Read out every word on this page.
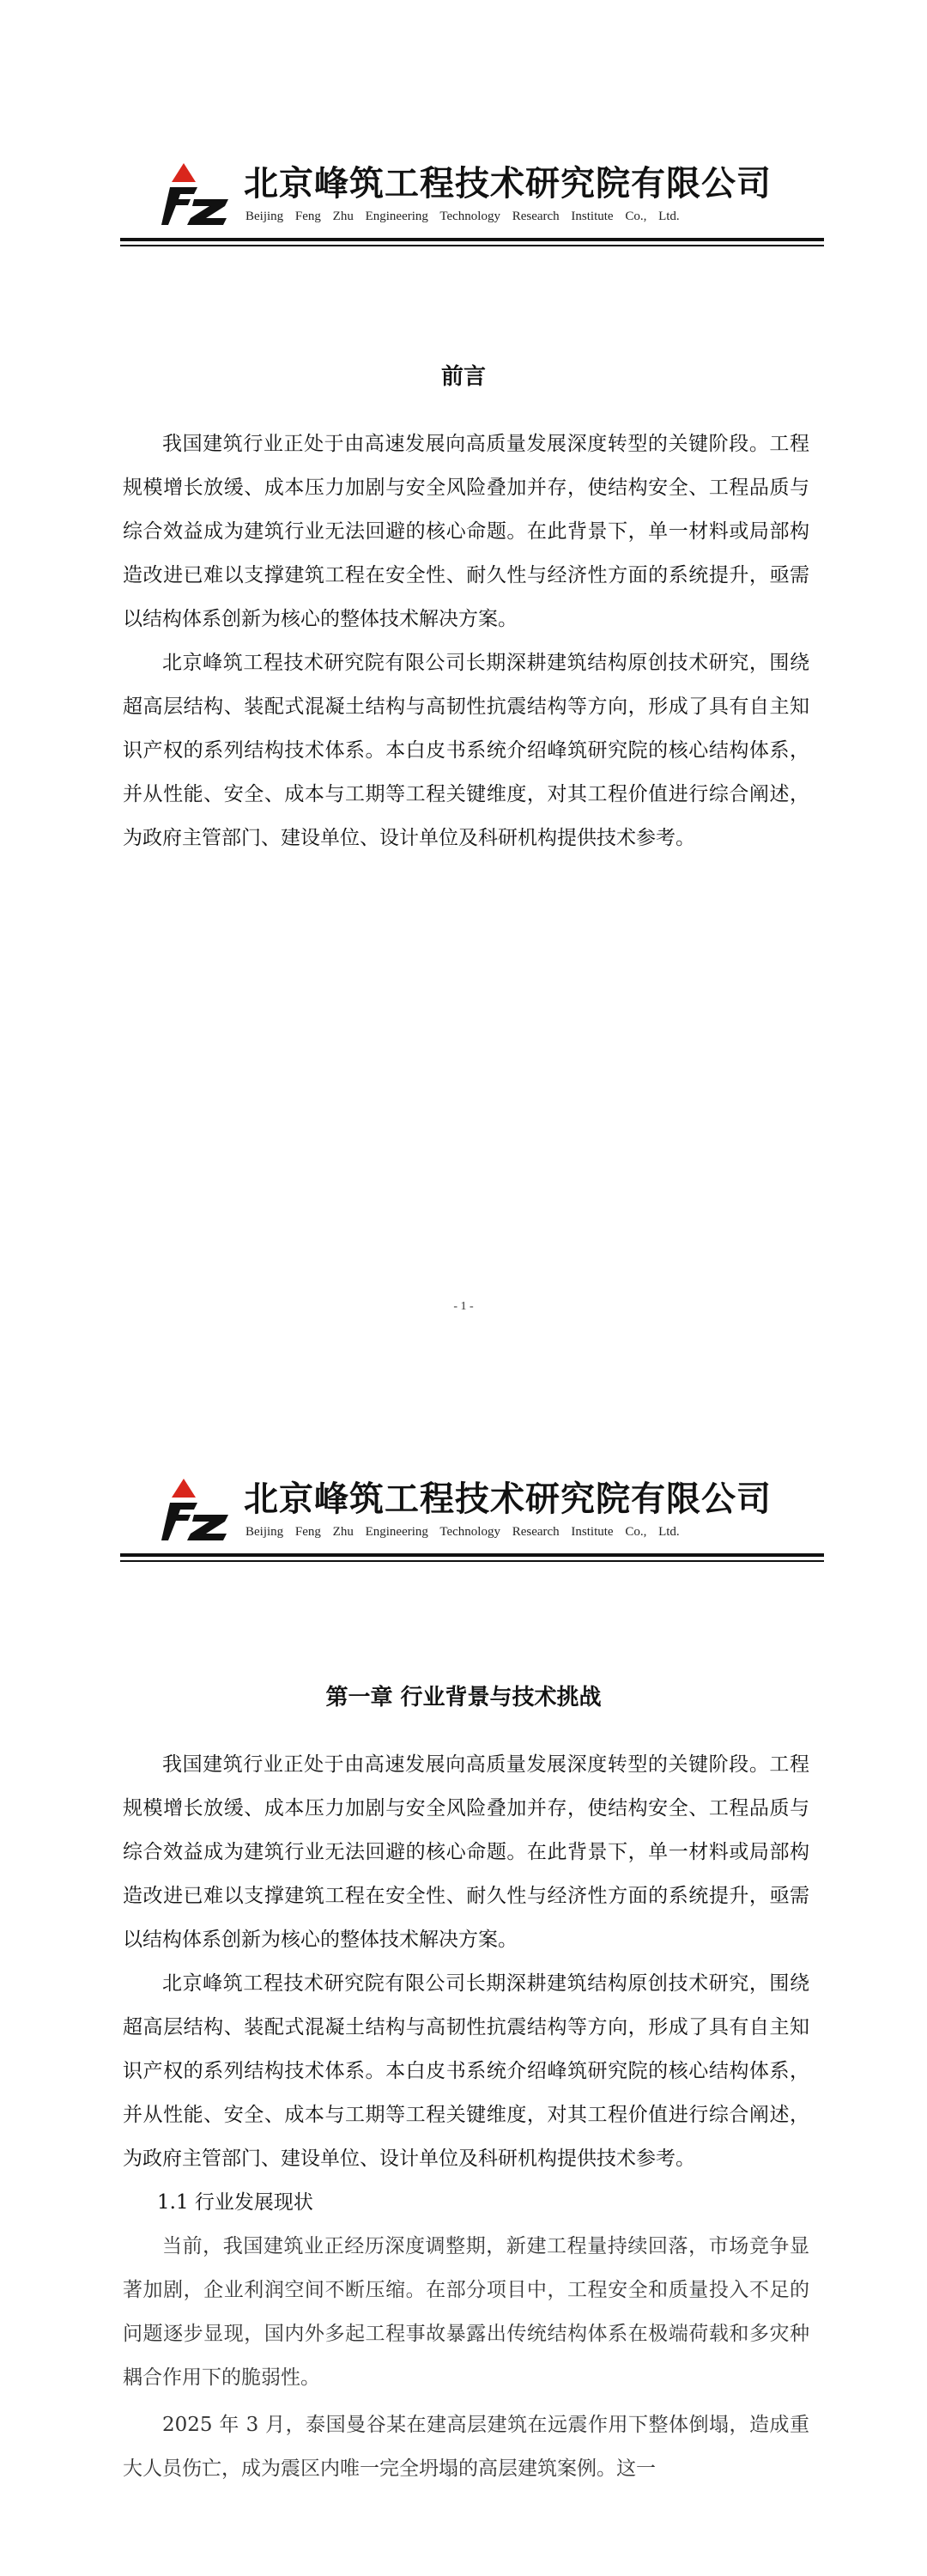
北京峰筑工程技术研究院有限公司
Beijing Feng Zhu Engineering Technology Research Institute Co., Ltd.
前言

我国建筑行业正处于由高速发展向高质量发展深度转型的关键阶段。工程规模增长放缓、成本压力加剧与安全风险叠加并存，使结构安全、工程品质与综合效益成为建筑行业无法回避的核心命题。在此背景下，单一材料或局部构造改进已难以支撑建筑工程在安全性、耐久性与经济性方面的系统提升，亟需以结构体系创新为核心的整体技术解决方案。

北京峰筑工程技术研究院有限公司长期深耕建筑结构原创技术研究，围绕超高层结构、装配式混凝土结构与高韧性抗震结构等方向，形成了具有自主知识产权的系列结构技术体系。本白皮书系统介绍峰筑研究院的核心结构体系，并从性能、安全、成本与工期等工程关键维度，对其工程价值进行综合阐述，为政府主管部门、建设单位、设计单位及科研机构提供技术参考。

- 1 -
北京峰筑工程技术研究院有限公司
Beijing Feng Zhu Engineering Technology Research Institute Co., Ltd.
第一章 行业背景与技术挑战

我国建筑行业正处于由高速发展向高质量发展深度转型的关键阶段。工程规模增长放缓、成本压力加剧与安全风险叠加并存，使结构安全、工程品质与综合效益成为建筑行业无法回避的核心命题。在此背景下，单一材料或局部构造改进已难以支撑建筑工程在安全性、耐久性与经济性方面的系统提升，亟需以结构体系创新为核心的整体技术解决方案。

北京峰筑工程技术研究院有限公司长期深耕建筑结构原创技术研究，围绕超高层结构、装配式混凝土结构与高韧性抗震结构等方向，形成了具有自主知识产权的系列结构技术体系。本白皮书系统介绍峰筑研究院的核心结构体系，并从性能、安全、成本与工期等工程关键维度，对其工程价值进行综合阐述，为政府主管部门、建设单位、设计单位及科研机构提供技术参考。

1.1 行业发展现状

当前，我国建筑业正经历深度调整期，新建工程量持续回落，市场竞争显著加剧，企业利润空间不断压缩。在部分项目中，工程安全和质量投入不足的问题逐步显现，国内外多起工程事故暴露出传统结构体系在极端荷载和多灾种耦合作用下的脆弱性。

2025 年 3 月，泰国曼谷某在建高层建筑在远震作用下整体倒塌，造成重大人员伤亡，成为震区内唯一完全坍塌的高层建筑案例。这一
